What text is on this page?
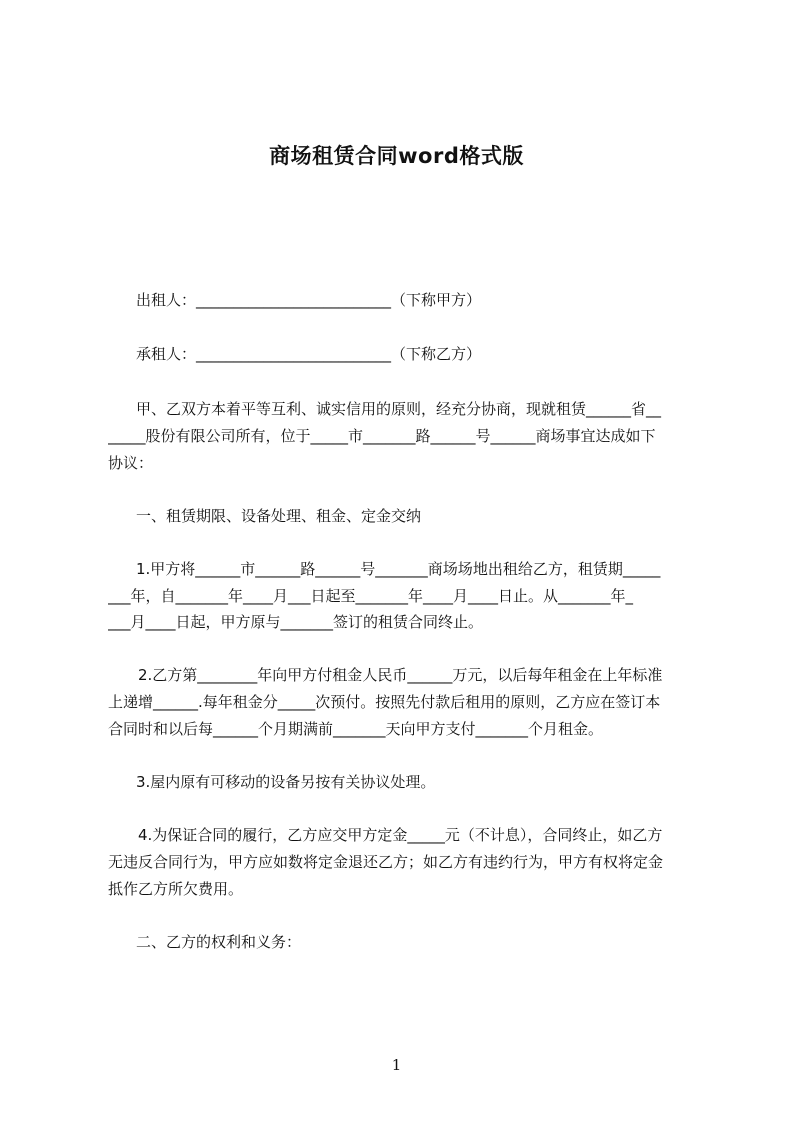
商场租赁合同word格式版
出租人：__________________________（下称甲方）
承租人：__________________________（下称乙方）
甲、乙双方本着平等互利、诚实信用的原则，经充分协商，现就租赁______省__
_____股份有限公司所有，位于_____市_______路______号______商场事宜达成如下
协议：
一、租赁期限、设备处理、租金、定金交纳
1.甲方将______市______路______号_______商场场地出租给乙方，租赁期_____
___年，自_______年____月___日起至_______年____月____日止。从_______年_
___月____日起，甲方原与_______签订的租赁合同终止。
2.乙方第________年向甲方付租金人民币______万元，以后每年租金在上年标准
上递增______.每年租金分_____次预付。按照先付款后租用的原则，乙方应在签订本
合同时和以后每______个月期满前_______天向甲方支付_______个月租金。
3.屋内原有可移动的设备另按有关协议处理。
4.为保证合同的履行，乙方应交甲方定金_____元（不计息），合同终止，如乙方
无违反合同行为，甲方应如数将定金退还乙方；如乙方有违约行为，甲方有权将定金
抵作乙方所欠费用。
二、乙方的权利和义务：
1
